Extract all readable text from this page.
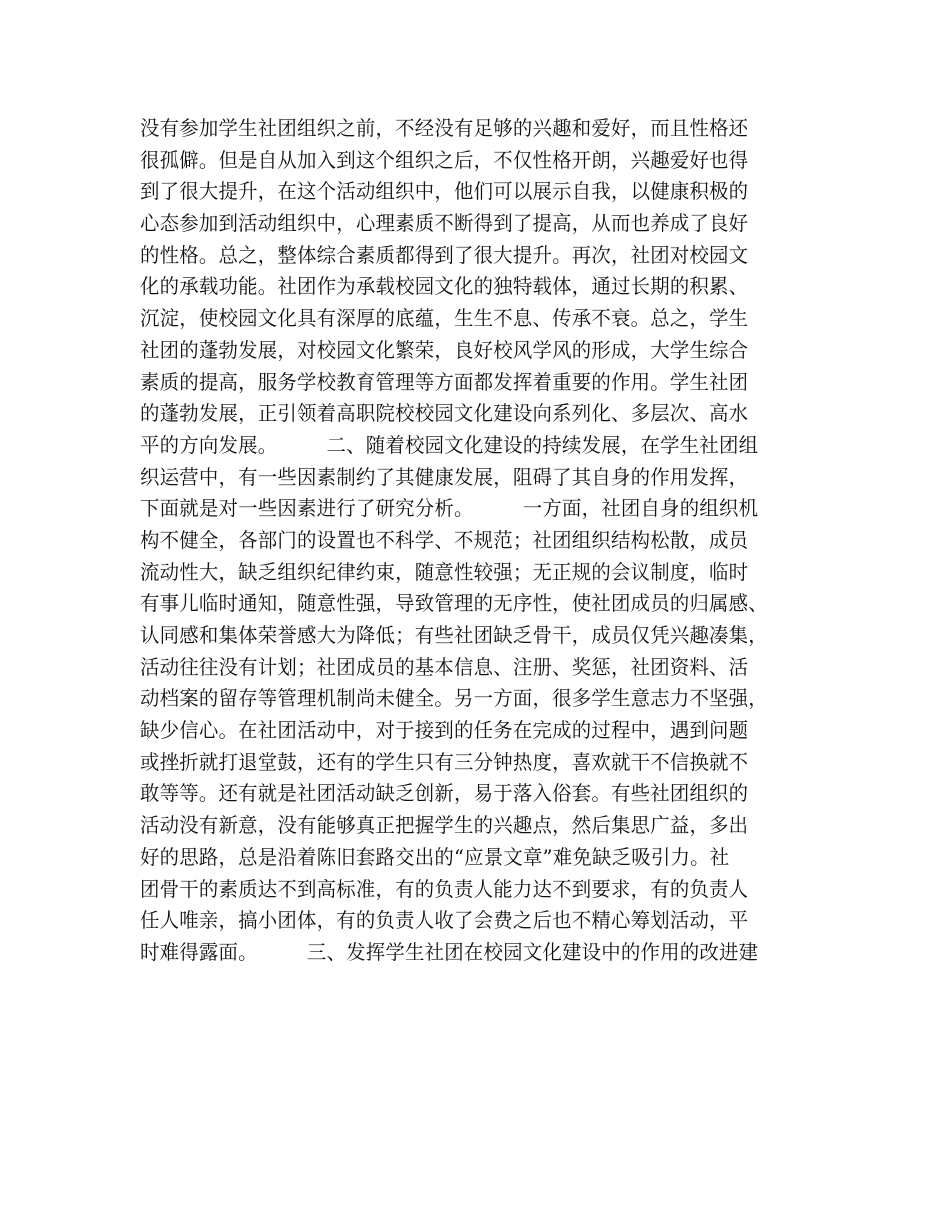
没有参加学生社团组织之前，不经没有足够的兴趣和爱好，而且性格还
很孤僻。但是自从加入到这个组织之后，不仅性格开朗，兴趣爱好也得
到了很大提升，在这个活动组织中，他们可以展示自我，以健康积极的
心态参加到活动组织中，心理素质不断得到了提高，从而也养成了良好
的性格。总之，整体综合素质都得到了很大提升。再次，社团对校园文
化的承载功能。社团作为承载校园文化的独特载体，通过长期的积累、
沉淀，使校园文化具有深厚的底蕴，生生不息、传承不衰。总之，学生
社团的蓬勃发展，对校园文化繁荣，良好校风学风的形成，大学生综合
素质的提高，服务学校教育管理等方面都发挥着重要的作用。学生社团
的蓬勃发展，正引领着高职院校校园文化建设向系列化、多层次、高水
平的方向发展。　　　二、随着校园文化建设的持续发展，在学生社团组
织运营中，有一些因素制约了其健康发展，阻碍了其自身的作用发挥，
下面就是对一些因素进行了研究分析。　　　一方面，社团自身的组织机
构不健全，各部门的设置也不科学、不规范；社团组织结构松散，成员
流动性大，缺乏组织纪律约束，随意性较强；无正规的会议制度，临时
有事儿临时通知，随意性强，导致管理的无序性，使社团成员的归属感、
认同感和集体荣誉感大为降低；有些社团缺乏骨干，成员仅凭兴趣凑集，
活动往往没有计划；社团成员的基本信息、注册、奖惩，社团资料、活
动档案的留存等管理机制尚未健全。另一方面，很多学生意志力不坚强，
缺少信心。在社团活动中，对于接到的任务在完成的过程中，遇到问题
或挫折就打退堂鼓，还有的学生只有三分钟热度，喜欢就干不信换就不
敢等等。还有就是社团活动缺乏创新，易于落入俗套。有些社团组织的
活动没有新意，没有能够真正把握学生的兴趣点，然后集思广益，多出
好的思路，总是沿着陈旧套路交出的“应景文章”难免缺乏吸引力。社
团骨干的素质达不到高标准，有的负责人能力达不到要求，有的负责人
任人唯亲，搞小团体，有的负责人收了会费之后也不精心筹划活动，平
时难得露面。　　　三、发挥学生社团在校园文化建设中的作用的改进建
